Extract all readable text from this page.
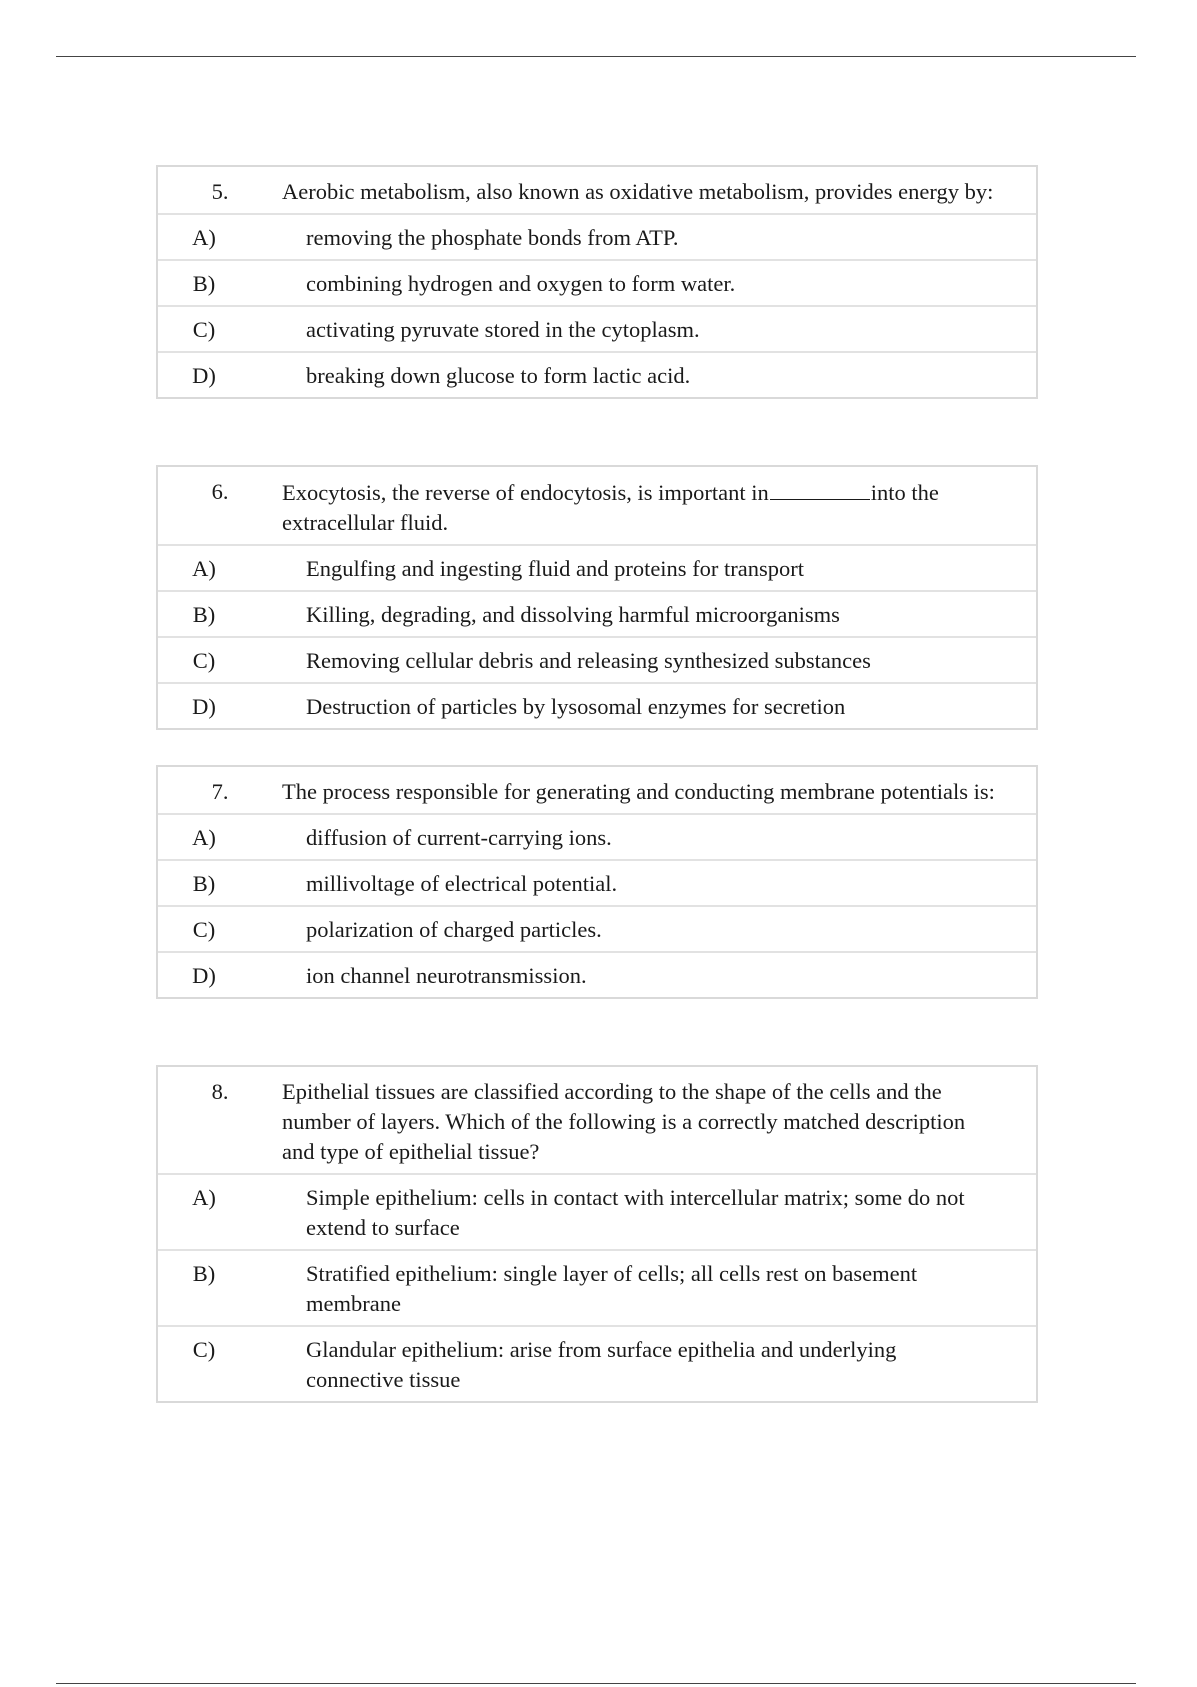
5.	Aerobic metabolism, also known as oxidative metabolism, provides energy by:
A)	removing the phosphate bonds from ATP.
B)	combining hydrogen and oxygen to form water.
C)	activating pyruvate stored in the cytoplasm.
D)	breaking down glucose to form lactic acid.
6.	Exocytosis, the reverse of endocytosis, is important in	into the extracellular fluid.
A)	Engulfing and ingesting fluid and proteins for transport
B)	Killing, degrading, and dissolving harmful microorganisms
C)	Removing cellular debris and releasing synthesized substances
D)	Destruction of particles by lysosomal enzymes for secretion
7.	The process responsible for generating and conducting membrane potentials is:
A)	diffusion of current-carrying ions.
B)	millivoltage of electrical potential.
C)	polarization of charged particles.
D)	ion channel neurotransmission.
8.	Epithelial tissues are classified according to the shape of the cells and the number of layers. Which of the following is a correctly matched description and type of epithelial tissue?
A)	Simple epithelium: cells in contact with intercellular matrix; some do not extend to surface
B)	Stratified epithelium: single layer of cells; all cells rest on basement membrane
C)	Glandular epithelium: arise from surface epithelia and underlying connective tissue
